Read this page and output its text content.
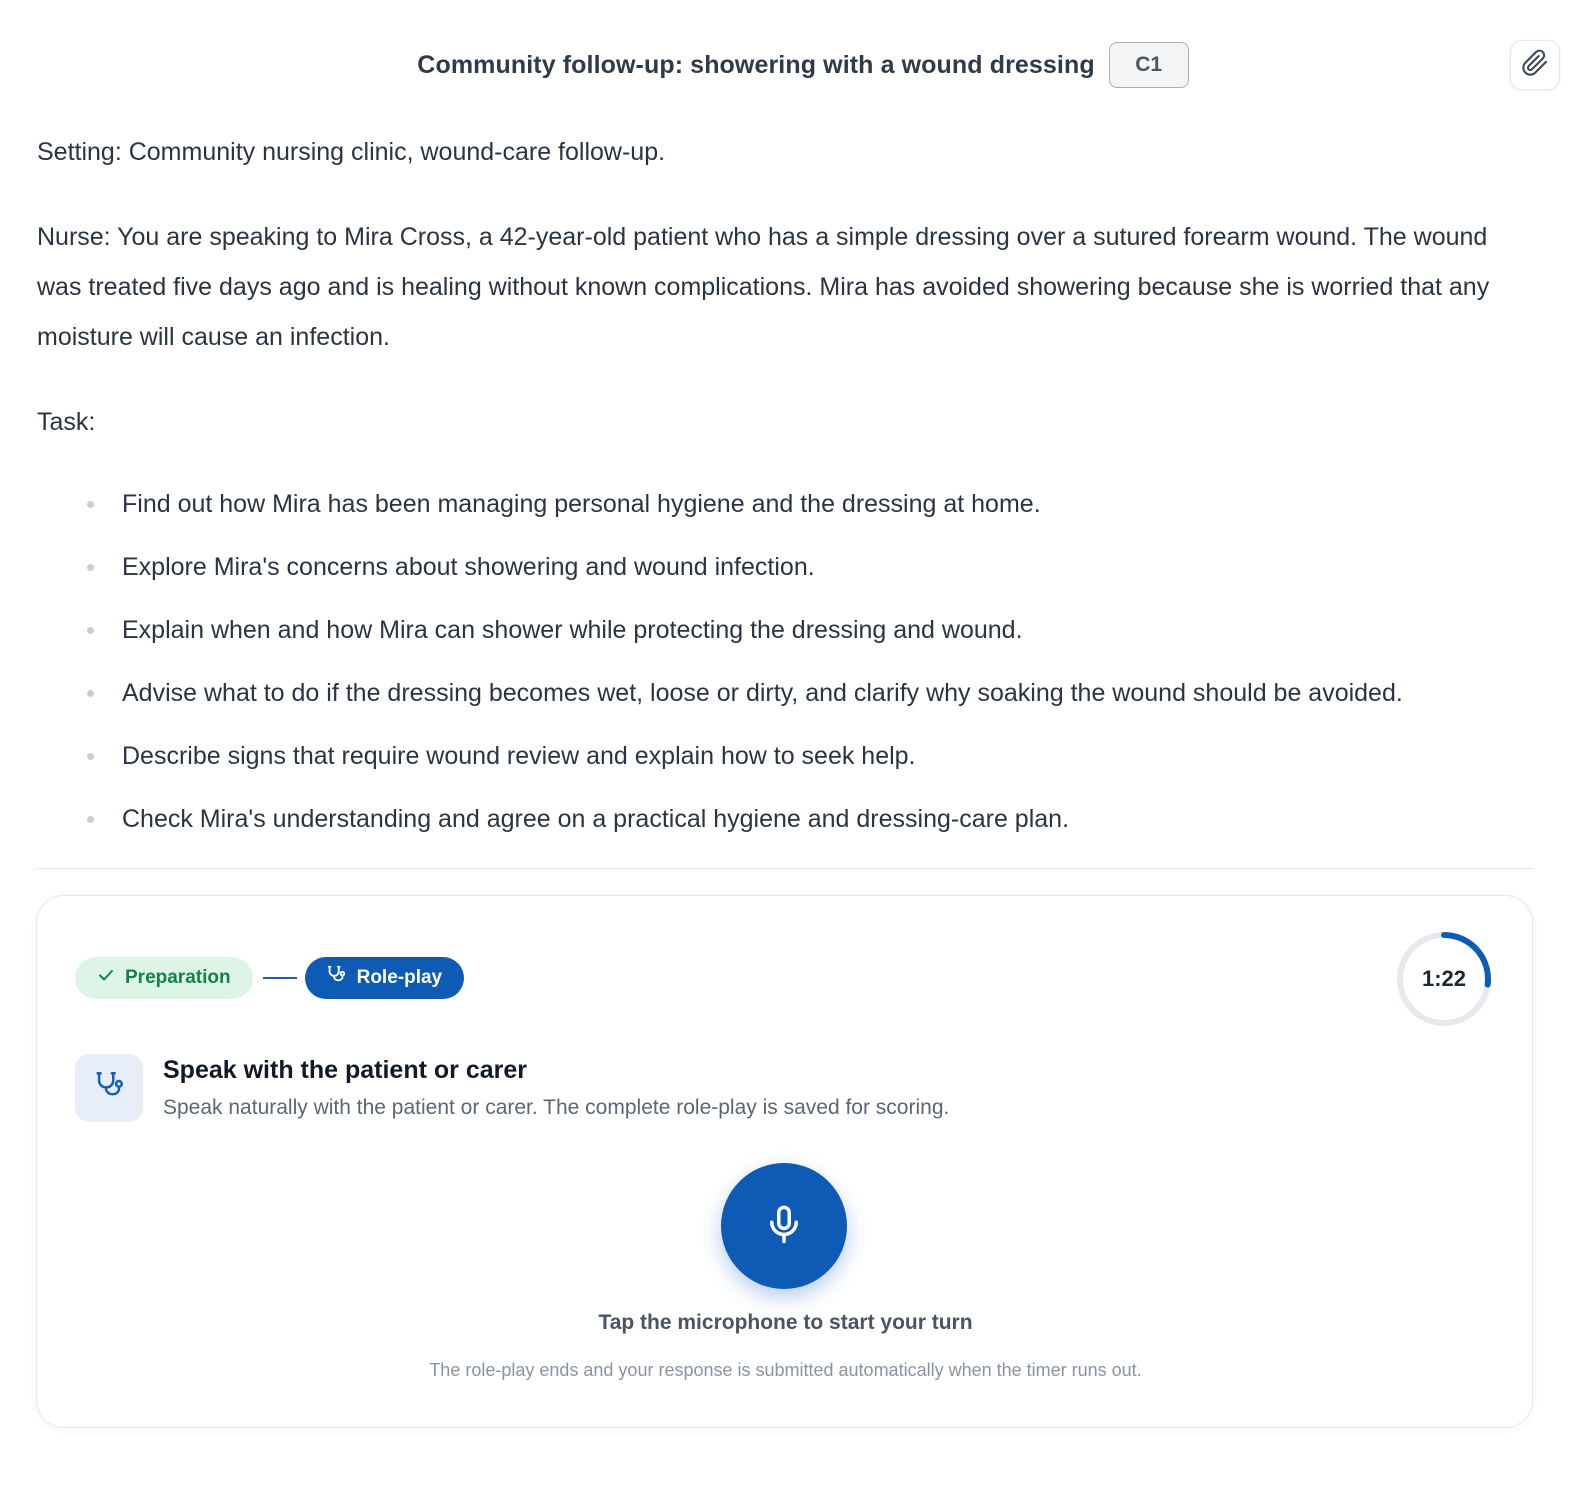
Community follow-up: showering with a wound dressing	C1

Setting: Community nursing clinic, wound-care follow-up.

Nurse: You are speaking to Mira Cross, a 42-year-old patient who has a simple dressing over a sutured forearm wound. The wound was treated five days ago and is healing without known complications. Mira has avoided showering because she is worried that any moisture will cause an infection.

Task:

Find out how Mira has been managing personal hygiene and the dressing at home.
Explore Mira's concerns about showering and wound infection.
Explain when and how Mira can shower while protecting the dressing and wound.
Advise what to do if the dressing becomes wet, loose or dirty, and clarify why soaking the wound should be avoided.
Describe signs that require wound review and explain how to seek help.
Check Mira's understanding and agree on a practical hygiene and dressing-care plan.
Preparation	Role-play	1:22
Speak with the patient or carer
Speak naturally with the patient or carer. The complete role-play is saved for scoring.
Tap the microphone to start your turn
The role-play ends and your response is submitted automatically when the timer runs out.
